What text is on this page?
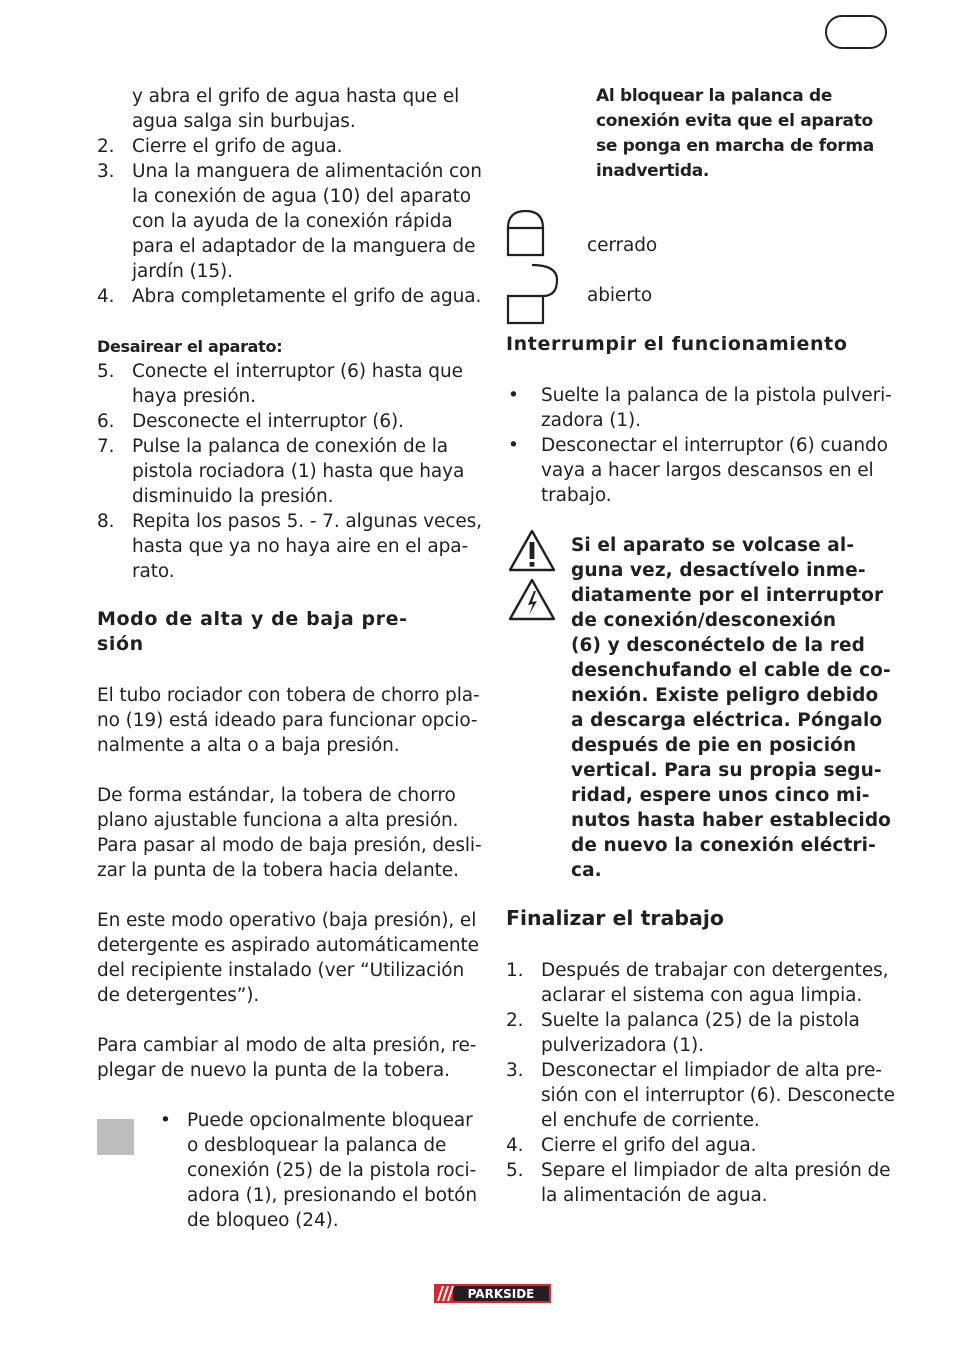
y abra el grifo de agua hasta que el
agua salga sin burbujas.
2. Cierre el grifo de agua.
3. Una la manguera de alimentación con
la conexión de agua (10) del aparato
con la ayuda de la conexión rápida
para el adaptador de la manguera de
jardín (15).
4. Abra completamente el grifo de agua.
Desairear el aparato:
5. Conecte el interruptor (6) hasta que
haya presión.
6. Desconecte el interruptor (6).
7. Pulse la palanca de conexión de la
pistola rociadora (1) hasta que haya
disminuido la presión.
8. Repita los pasos 5. - 7. algunas veces,
hasta que ya no haya aire en el apa-
rato.
Modo de alta y de baja pre-
sión
El tubo rociador con tobera de chorro pla-
no (19) está ideado para funcionar opcio-
nalmente a alta o a baja presión.
De forma estándar, la tobera de chorro
plano ajustable funciona a alta presión.
Para pasar al modo de baja presión, desli-
zar la punta de la tobera hacia delante.
En este modo operativo (baja presión), el
detergente es aspirado automáticamente
del recipiente instalado (ver “Utilización
de detergentes”).
Para cambiar al modo de alta presión, re-
plegar de nuevo la punta de la tobera.
• Puede opcionalmente bloquear
o desbloquear la palanca de
conexión (25) de la pistola roci-
adora (1), presionando el botón
de bloqueo (24).
Al bloquear la palanca de
conexión evita que el aparato
se ponga en marcha de forma
inadvertida.
cerrado
abierto
Interrumpir el funcionamiento
• Suelte la palanca de la pistola pulveri-
zadora (1).
• Desconectar el interruptor (6) cuando
vaya a hacer largos descansos en el
trabajo.
Si el aparato se volcase al-
guna vez, desactívelo inme-
diatamente por el interruptor
de conexión/desconexión
(6) y desconéctelo de la red
desenchufando el cable de co-
nexión. Existe peligro debido
a descarga eléctrica. Póngalo
después de pie en posición
vertical. Para su propia segu-
ridad, espere unos cinco mi-
nutos hasta haber establecido
de nuevo la conexión eléctri-
ca.
Finalizar el trabajo
1. Después de trabajar con detergentes,
aclarar el sistema con agua limpia.
2. Suelte la palanca (25) de la pistola
pulverizadora (1).
3. Desconectar el limpiador de alta pre-
sión con el interruptor (6). Desconecte
el enchufe de corriente.
4. Cierre el grifo del agua.
5. Separe el limpiador de alta presión de
la alimentación de agua.
PARKSIDE
